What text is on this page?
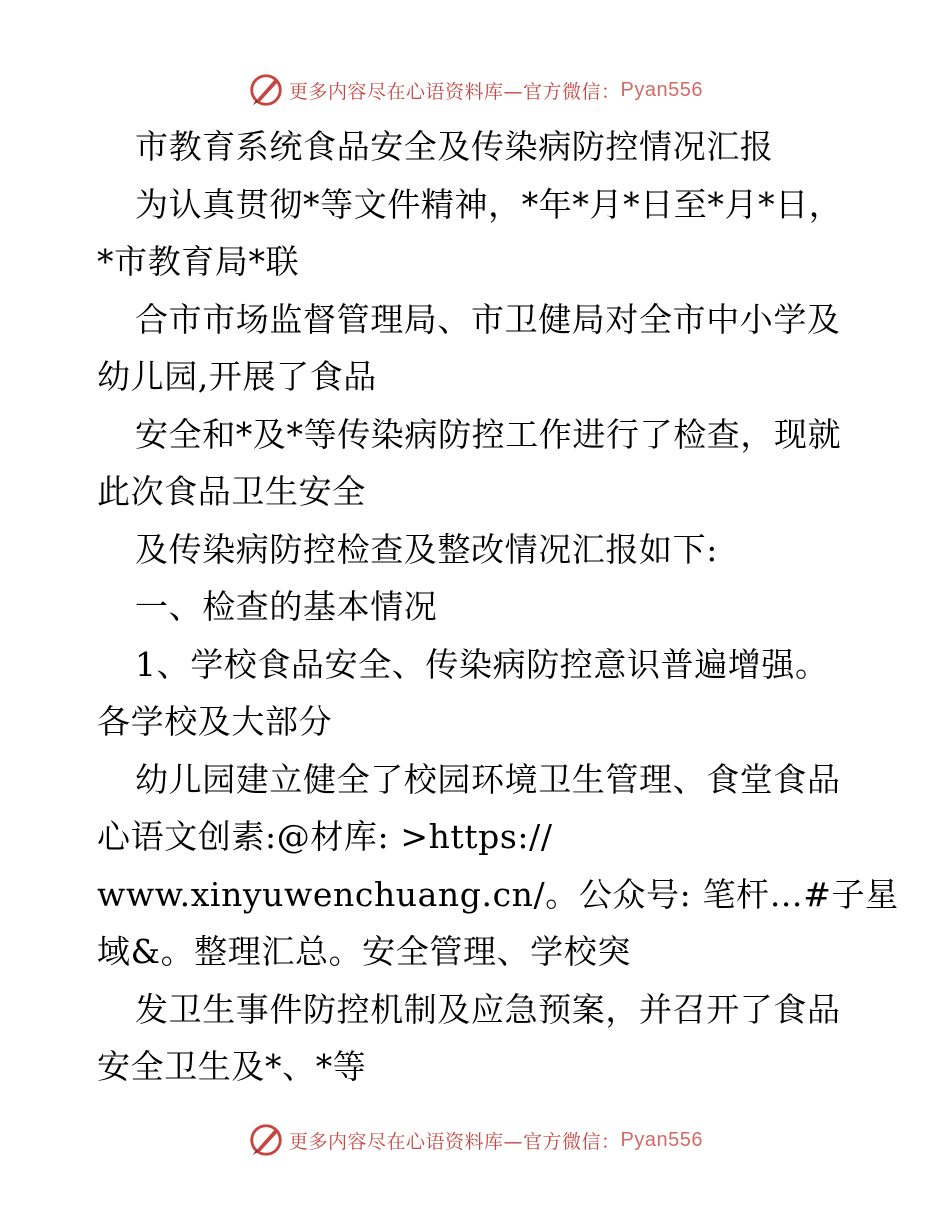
更多内容尽在心语资料库—官方微信： Pyan556
市教育系统食品安全及传染病防控情况汇报
为认真贯彻*等文件精神，*年*月*日至*月*日，
*市教育局*联
合市市场监督管理局、市卫健局对全市中小学及
幼儿园,开展了食品
安全和*及*等传染病防控工作进行了检查，现就
此次食品卫生安全
及传染病防控检查及整改情况汇报如下:
一、检查的基本情况
1、学校食品安全、传染病防控意识普遍增强。
各学校及大部分
幼儿园建立健全了校园环境卫生管理、食堂食品
心语文创素:@材库: >https://
www.xinyuwenchuang.cn/。公众号: 笔杆…#子星
域&。整理汇总。安全管理、学校突
发卫生事件防控机制及应急预案，并召开了食品
安全卫生及*、*等
更多内容尽在心语资料库—官方微信： Pyan556
